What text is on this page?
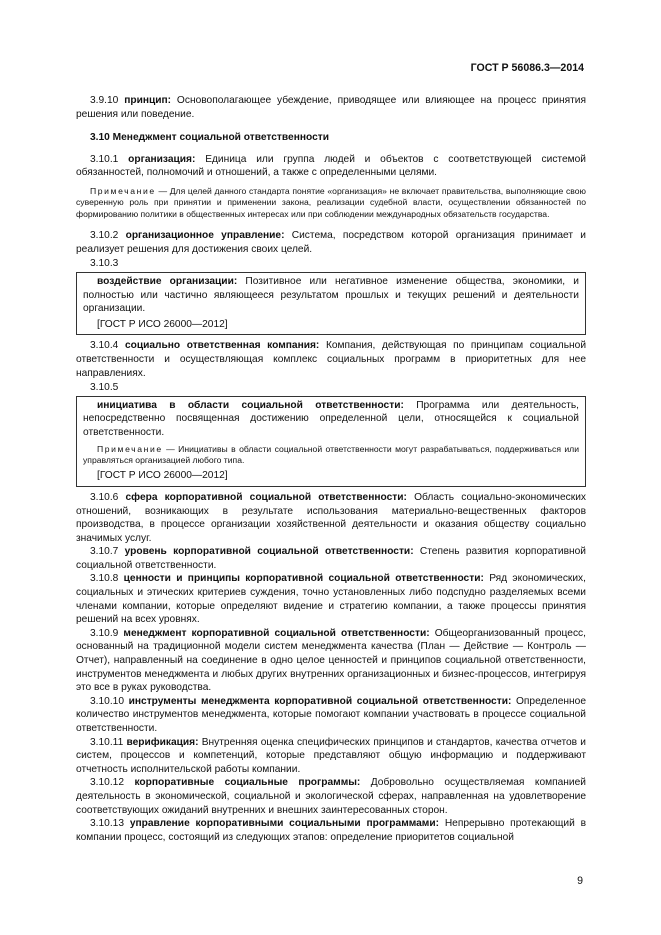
ГОСТ Р 56086.3—2014

3.9.10 принцип: Основополагающее убеждение, приводящее или влияющее на процесс принятия решения или поведение.

3.10 Менеджмент социальной ответственности

3.10.1 организация: Единица или группа людей и объектов с соответствующей системой обязанностей, полномочий и отношений, а также с определенными целями.

Примечание — Для целей данного стандарта понятие «организация» не включает правительства, выполняющие свою суверенную роль при принятии и применении закона, реализации судебной власти, осуществлении обязанностей по формированию политики в общественных интересах или при соблюдении международных обязательств государства.

3.10.2 организационное управление: Система, посредством которой организация принимает и реализует решения для достижения своих целей.

3.10.3

воздействие организации: Позитивное или негативное изменение общества, экономики, и полностью или частично являющееся результатом прошлых и текущих решений и деятельности организации.

[ГОСТ Р ИСО 26000—2012]

3.10.4 социально ответственная компания: Компания, действующая по принципам социальной ответственности и осуществляющая комплекс социальных программ в приоритетных для нее направлениях.

3.10.5

инициатива в области социальной ответственности: Программа или деятельность, непосредственно посвященная достижению определенной цели, относящейся к социальной ответственности.

Примечание — Инициативы в области социальной ответственности могут разрабатываться, поддерживаться или управляться организацией любого типа.

[ГОСТ Р ИСО 26000—2012]

3.10.6 сфера корпоративной социальной ответственности: Область социально-экономических отношений, возникающих в результате использования материально-вещественных факторов производства, в процессе организации хозяйственной деятельности и оказания обществу социально значимых услуг.

3.10.7 уровень корпоративной социальной ответственности: Степень развития корпоративной социальной ответственности.

3.10.8 ценности и принципы корпоративной социальной ответственности: Ряд экономических, социальных и этических критериев суждения, точно установленных либо подспудно разделяемых всеми членами компании, которые определяют видение и стратегию компании, а также процессы принятия решений на всех уровнях.

3.10.9 менеджмент корпоративной социальной ответственности: Общеорганизованный процесс, основанный на традиционной модели систем менеджмента качества (План — Действие — Контроль — Отчет), направленный на соединение в одно целое ценностей и принципов социальной ответственности, инструментов менеджмента и любых других внутренних организационных и бизнес-процессов, интегрируя это все в руках руководства.

3.10.10 инструменты менеджмента корпоративной социальной ответственности: Определенное количество инструментов менеджмента, которые помогают компании участвовать в процессе социальной ответственности.

3.10.11 верификация: Внутренняя оценка специфических принципов и стандартов, качества отчетов и систем, процессов и компетенций, которые представляют общую информацию и поддерживают отчетность исполнительской работы компании.

3.10.12 корпоративные социальные программы: Добровольно осуществляемая компанией деятельность в экономической, социальной и экологической сферах, направленная на удовлетворение соответствующих ожиданий внутренних и внешних заинтересованных сторон.

3.10.13 управление корпоративными социальными программами: Непрерывно протекающий в компании процесс, состоящий из следующих этапов: определение приоритетов социальной

9
